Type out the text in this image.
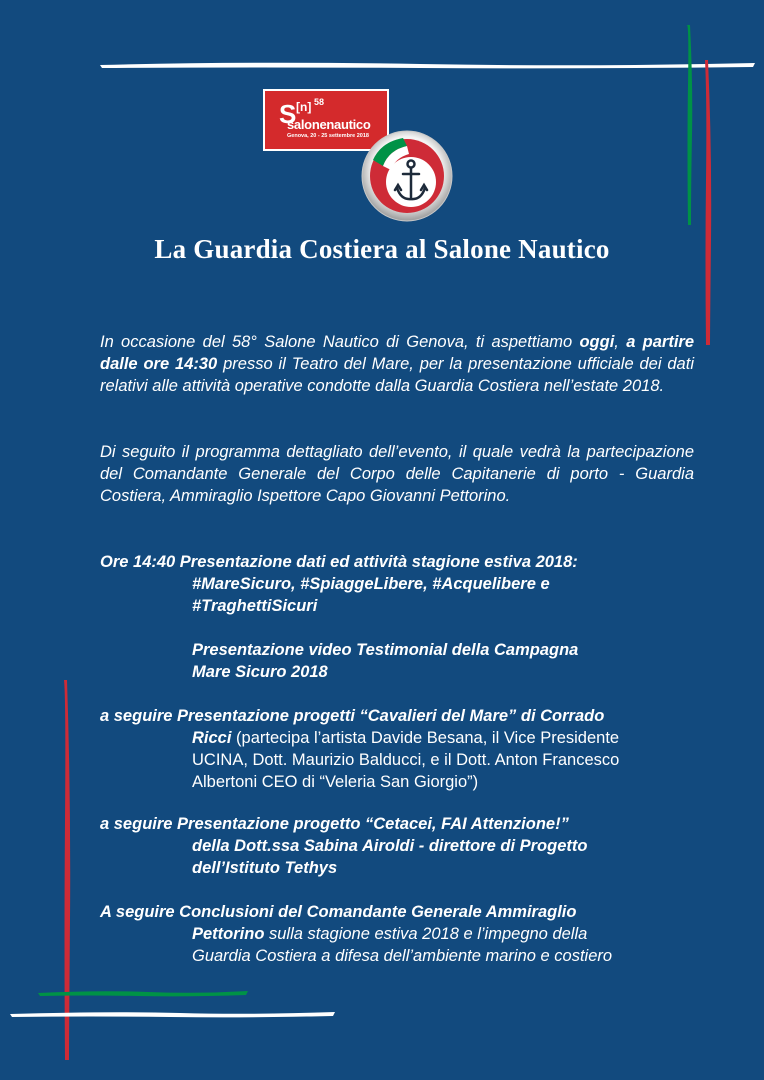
S [n] 58
salonenautico
Genova, 20 - 25 settembre 2018
La Guardia Costiera al Salone Nautico

In occasione del 58° Salone Nautico di Genova, ti aspettiamo oggi, a partire dalle ore 14:30 presso il Teatro del Mare, per la presentazione ufficiale dei dati relativi alle attività operative condotte dalla Guardia Costiera nell’estate 2018.

Di seguito il programma dettagliato dell’evento, il quale vedrà la partecipazione del Comandante Generale del Corpo delle Capitanerie di porto - Guardia Costiera, Ammiraglio Ispettore Capo Giovanni Pettorino.

Ore 14:40 Presentazione dati ed attività stagione estiva 2018:
#MareSicuro, #SpiaggeLibere, #Acquelibere e
#TraghettiSicuri
Presentazione video Testimonial della Campagna
Mare Sicuro 2018
a seguire Presentazione progetti “Cavalieri del Mare” di Corrado
Ricci (partecipa l’artista Davide Besana, il Vice Presidente
UCINA, Dott. Maurizio Balducci, e il Dott. Anton Francesco
Albertoni CEO di “Veleria San Giorgio”)
a seguire Presentazione progetto “Cetacei, FAI Attenzione!”
della Dott.ssa Sabina Airoldi - direttore di Progetto
dell’Istituto Tethys
A seguire Conclusioni del Comandante Generale Ammiraglio
Pettorino sulla stagione estiva 2018 e l’impegno della
Guardia Costiera a difesa dell’ambiente marino e costiero
